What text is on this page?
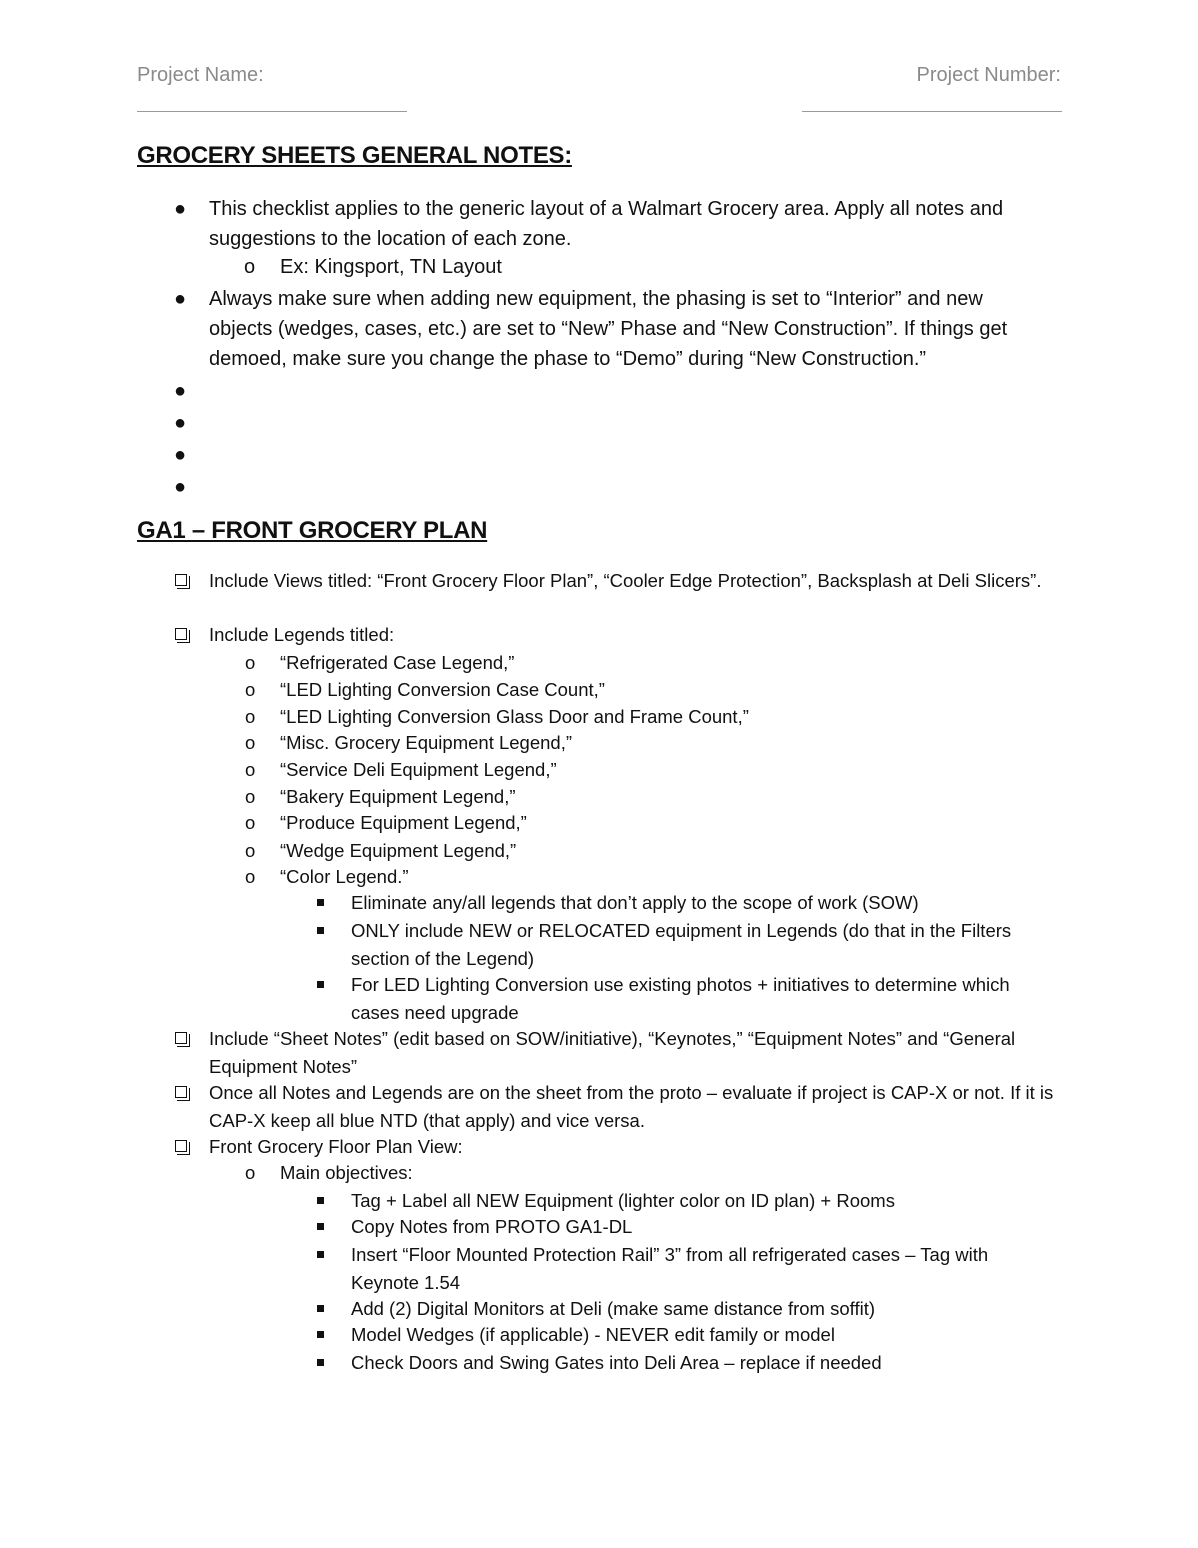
Project Name:	Project Number:
GROCERY SHEETS GENERAL NOTES:
● This checklist applies to the generic layout of a Walmart Grocery area. Apply all notes and suggestions to the location of each zone.
o Ex: Kingsport, TN Layout
● Always make sure when adding new equipment, the phasing is set to “Interior” and new objects (wedges, cases, etc.) are set to “New” Phase and “New Construction”. If things get demoed, make sure you change the phase to “Demo” during “New Construction.”
●
●
●
●
GA1 – FRONT GROCERY PLAN
Include Views titled: “Front Grocery Floor Plan”, “Cooler Edge Protection”, Backsplash at Deli Slicers”.
Include Legends titled:
o “Refrigerated Case Legend,”
o “LED Lighting Conversion Case Count,”
o “LED Lighting Conversion Glass Door and Frame Count,”
o “Misc. Grocery Equipment Legend,”
o “Service Deli Equipment Legend,”
o “Bakery Equipment Legend,”
o “Produce Equipment Legend,”
o “Wedge Equipment Legend,”
o “Color Legend.”
Eliminate any/all legends that don’t apply to the scope of work (SOW)
ONLY include NEW or RELOCATED equipment in Legends (do that in the Filters section of the Legend)
For LED Lighting Conversion use existing photos + initiatives to determine which cases need upgrade
Include “Sheet Notes” (edit based on SOW/initiative), “Keynotes,” “Equipment Notes” and “General Equipment Notes”
Once all Notes and Legends are on the sheet from the proto – evaluate if project is CAP-X or not. If it is CAP-X keep all blue NTD (that apply) and vice versa.
Front Grocery Floor Plan View:
o Main objectives:
Tag + Label all NEW Equipment (lighter color on ID plan) + Rooms
Copy Notes from PROTO GA1-DL
Insert “Floor Mounted Protection Rail” 3” from all refrigerated cases – Tag with Keynote 1.54
Add (2) Digital Monitors at Deli (make same distance from soffit)
Model Wedges (if applicable) - NEVER edit family or model
Check Doors and Swing Gates into Deli Area – replace if needed
